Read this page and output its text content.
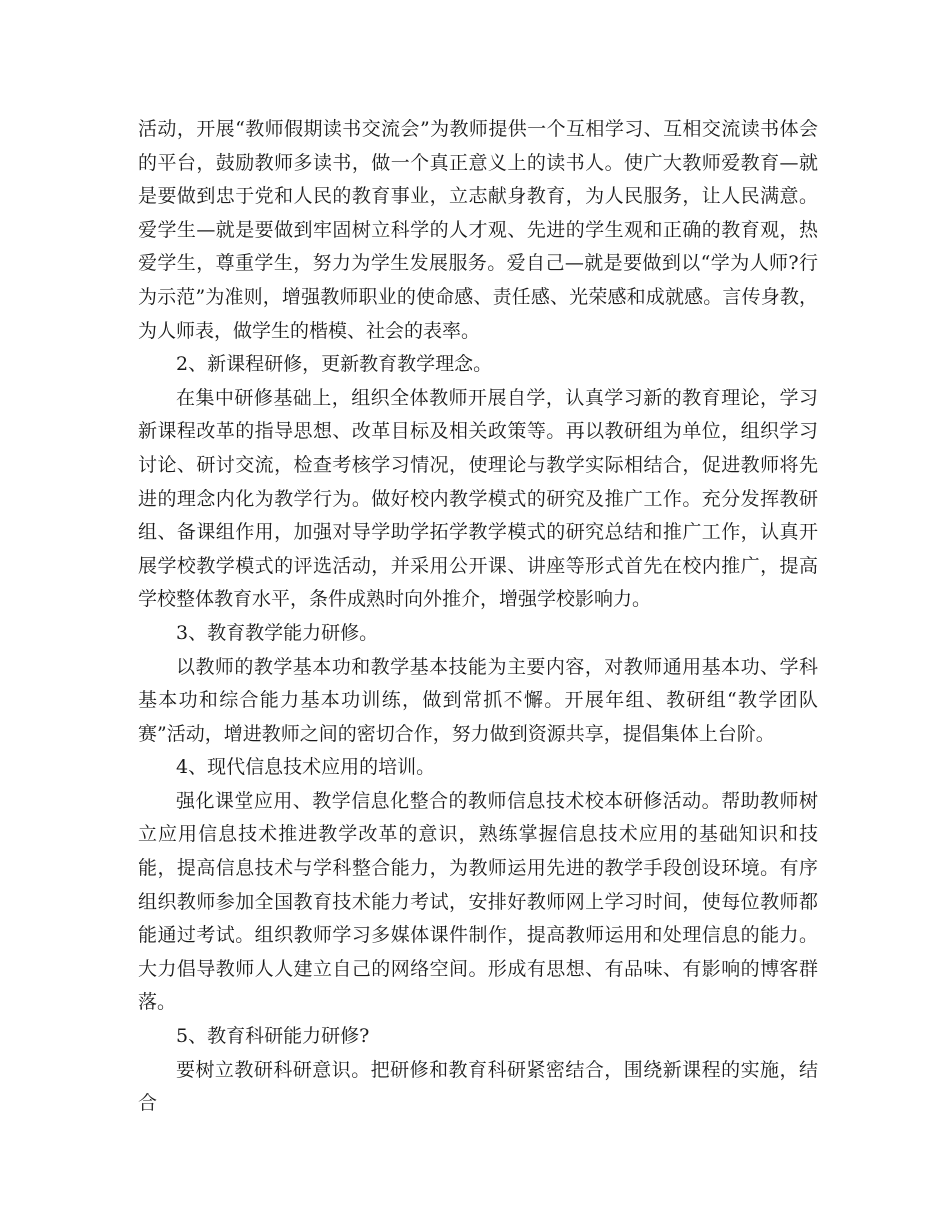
活动，开展“教师假期读书交流会”为教师提供一个互相学习、互相交流读书体会的平台，鼓励教师多读书，做一个真正意义上的读书人。使广大教师爱教育—就是要做到忠于党和人民的教育事业，立志献身教育，为人民服务，让人民满意。爱学生—就是要做到牢固树立科学的人才观、先进的学生观和正确的教育观，热爱学生，尊重学生，努力为学生发展服务。爱自己—就是要做到以“学为人师?行为示范”为准则，增强教师职业的使命感、责任感、光荣感和成就感。言传身教，为人师表，做学生的楷模、社会的表率。

2、新课程研修，更新教育教学理念。

在集中研修基础上，组织全体教师开展自学，认真学习新的教育理论，学习新课程改革的指导思想、改革目标及相关政策等。再以教研组为单位，组织学习讨论、研讨交流，检查考核学习情况，使理论与教学实际相结合，促进教师将先进的理念内化为教学行为。做好校内教学模式的研究及推广工作。充分发挥教研组、备课组作用，加强对导学助学拓学教学模式的研究总结和推广工作，认真开展学校教学模式的评选活动，并采用公开课、讲座等形式首先在校内推广，提高学校整体教育水平，条件成熟时向外推介，增强学校影响力。

3、教育教学能力研修。

以教师的教学基本功和教学基本技能为主要内容，对教师通用基本功、学科基本功和综合能力基本功训练，做到常抓不懈。开展年组、教研组“教学团队赛”活动，增进教师之间的密切合作，努力做到资源共享，提倡集体上台阶。

4、现代信息技术应用的培训。

强化课堂应用、教学信息化整合的教师信息技术校本研修活动。帮助教师树立应用信息技术推进教学改革的意识，熟练掌握信息技术应用的基础知识和技能，提高信息技术与学科整合能力，为教师运用先进的教学手段创设环境。有序组织教师参加全国教育技术能力考试，安排好教师网上学习时间，使每位教师都能通过考试。组织教师学习多媒体课件制作，提高教师运用和处理信息的能力。大力倡导教师人人建立自己的网络空间。形成有思想、有品味、有影响的博客群落。

5、教育科研能力研修?

要树立教研科研意识。把研修和教育科研紧密结合，围绕新课程的实施，结合
